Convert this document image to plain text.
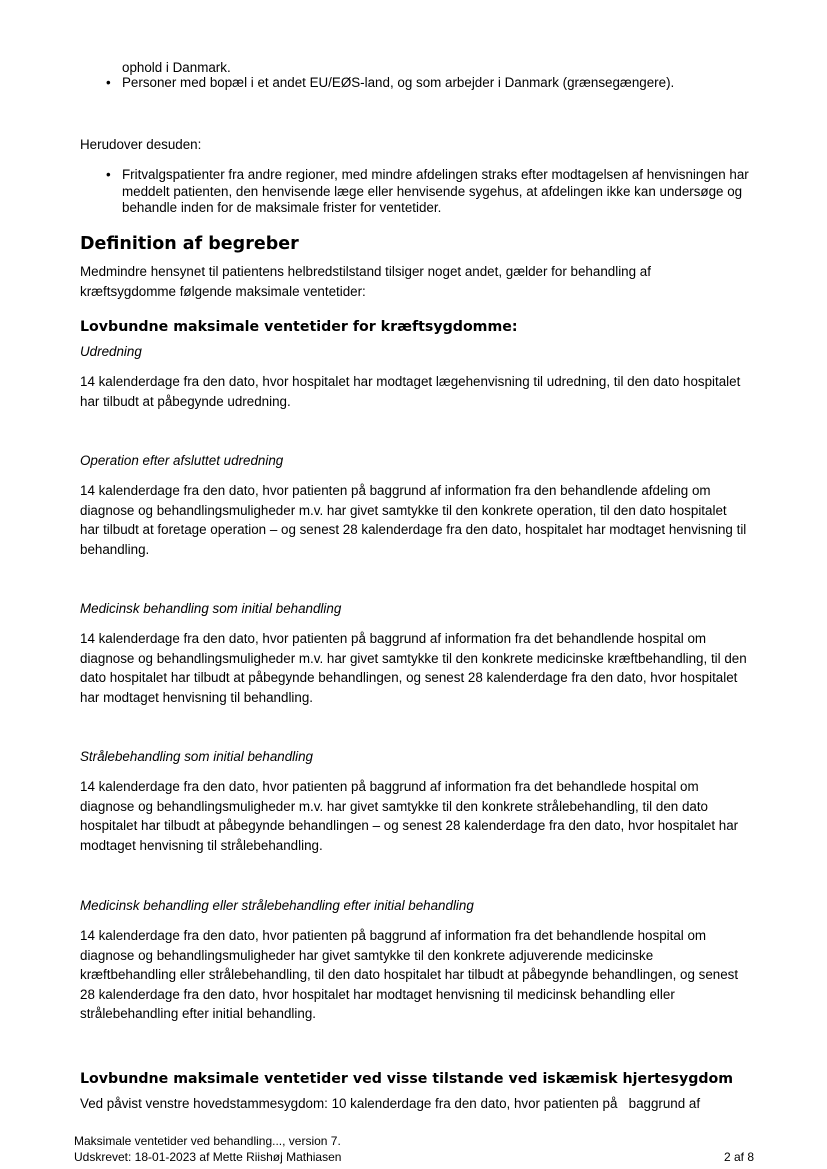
ophold i Danmark.

• Personer med bopæl i et andet EU/EØS-land, og som arbejder i Danmark (grænsegængere).

Herudover desuden:

• Fritvalgspatienter fra andre regioner, med mindre afdelingen straks efter modtagelsen af henvisningen har meddelt patienten, den henvisende læge eller henvisende sygehus, at afdelingen ikke kan undersøge og behandle inden for de maksimale frister for ventetider.
Definition af begreber

Medmindre hensynet til patientens helbredstilstand tilsiger noget andet, gælder for behandling af kræftsygdomme følgende maksimale ventetider:

Lovbundne maksimale ventetider for kræftsygdomme:

Udredning

14 kalenderdage fra den dato, hvor hospitalet har modtaget lægehenvisning til udredning, til den dato hospitalet har tilbudt at påbegynde udredning.

Operation efter afsluttet udredning

14 kalenderdage fra den dato, hvor patienten på baggrund af information fra den behandlende afdeling om diagnose og behandlingsmuligheder m.v. har givet samtykke til den konkrete operation, til den dato hospitalet har tilbudt at foretage operation – og senest 28 kalenderdage fra den dato, hospitalet har modtaget henvisning til behandling.

Medicinsk behandling som initial behandling

14 kalenderdage fra den dato, hvor patienten på baggrund af information fra det behandlende hospital om diagnose og behandlingsmuligheder m.v. har givet samtykke til den konkrete medicinske kræftbehandling, til den dato hospitalet har tilbudt at påbegynde behandlingen, og senest 28 kalenderdage fra den dato, hvor hospitalet har modtaget henvisning til behandling.

Strålebehandling som initial behandling

14 kalenderdage fra den dato, hvor patienten på baggrund af information fra det behandlede hospital om diagnose og behandlingsmuligheder m.v. har givet samtykke til den konkrete strålebehandling, til den dato hospitalet har tilbudt at påbegynde behandlingen – og senest 28 kalenderdage fra den dato, hvor hospitalet har modtaget henvisning til strålebehandling.

Medicinsk behandling eller strålebehandling efter initial behandling

14 kalenderdage fra den dato, hvor patienten på baggrund af information fra det behandlende hospital om diagnose og behandlingsmuligheder har givet samtykke til den konkrete adjuverende medicinske kræftbehandling eller strålebehandling, til den dato hospitalet har tilbudt at påbegynde behandlingen, og senest 28 kalenderdage fra den dato, hvor hospitalet har modtaget henvisning til medicinsk behandling eller strålebehandling efter initial behandling.

Lovbundne maksimale ventetider ved visse tilstande ved iskæmisk hjertesygdom

Ved påvist venstre hovedstammesygdom: 10 kalenderdage fra den dato, hvor patienten på   baggrund af

Maksimale ventetider ved behandling..., version 7.

Udskrevet: 18-01-2023 af Mette Riishøj Mathiasen	2 af 8
